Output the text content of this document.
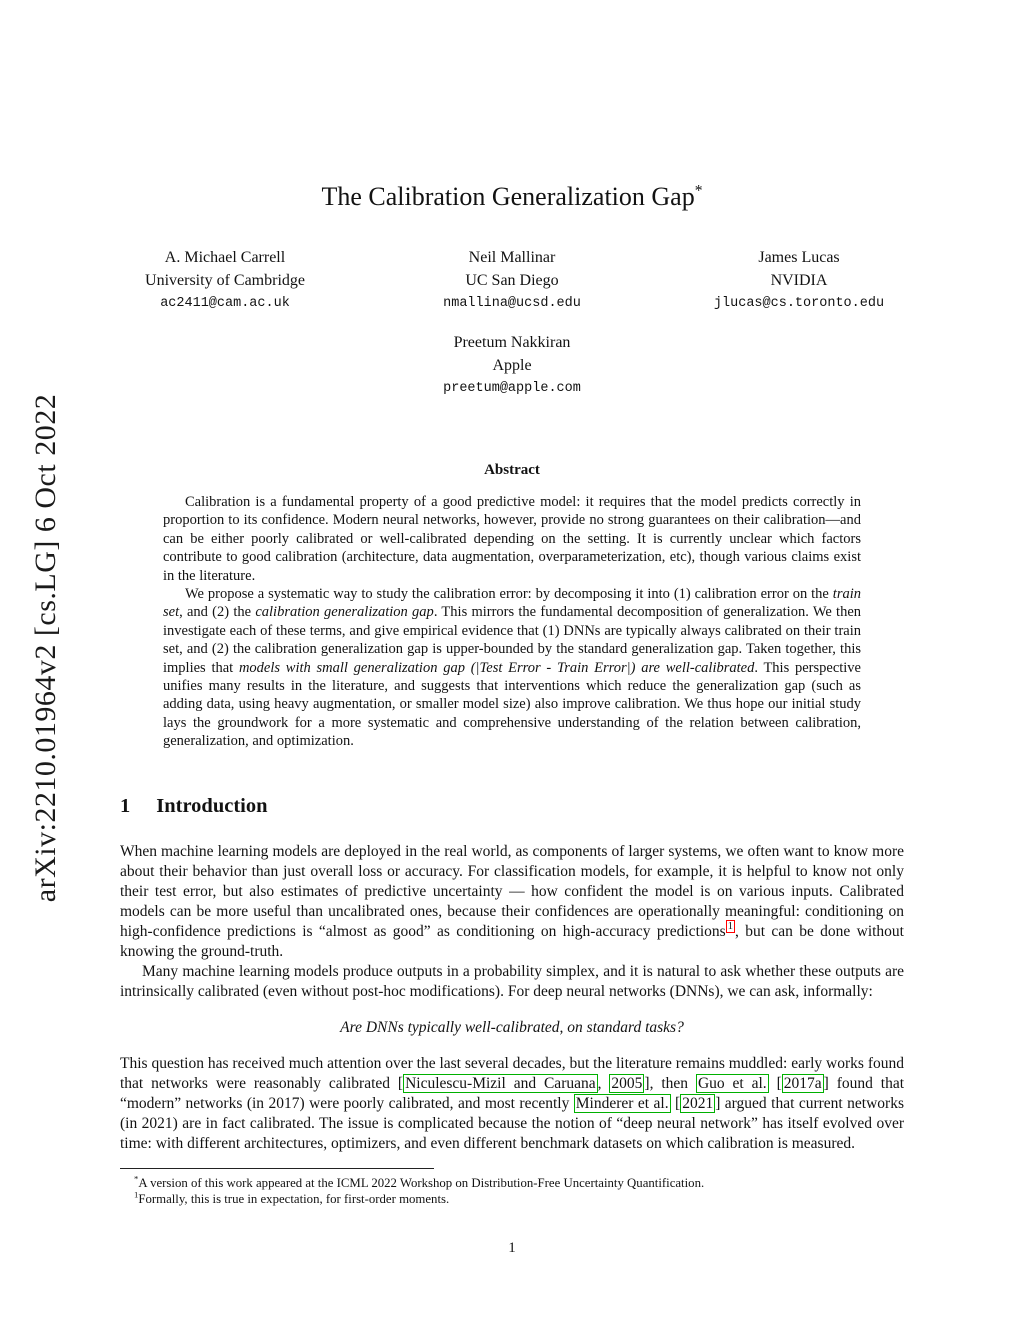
arXiv:2210.01964v2 [cs.LG] 6 Oct 2022
The Calibration Generalization Gap*
A. Michael Carrell
University of Cambridge
ac2411@cam.ac.uk
Neil Mallinar
UC San Diego
nmallina@ucsd.edu
James Lucas
NVIDIA
jlucas@cs.toronto.edu
Preetum Nakkiran
Apple
preetum@apple.com
Abstract

Calibration is a fundamental property of a good predictive model: it requires that the model predicts correctly in proportion to its confidence. Modern neural networks, however, provide no strong guarantees on their calibration—and can be either poorly calibrated or well-calibrated depending on the setting. It is currently unclear which factors contribute to good calibration (architecture, data augmentation, overparameterization, etc), though various claims exist in the literature.

We propose a systematic way to study the calibration error: by decomposing it into (1) calibration error on the train set, and (2) the calibration generalization gap. This mirrors the fundamental decomposition of generalization. We then investigate each of these terms, and give empirical evidence that (1) DNNs are typically always calibrated on their train set, and (2) the calibration generalization gap is upper-bounded by the standard generalization gap. Taken together, this implies that models with small generalization gap (|Test Error - Train Error|) are well-calibrated. This perspective unifies many results in the literature, and suggests that interventions which reduce the generalization gap (such as adding data, using heavy augmentation, or smaller model size) also improve calibration. We thus hope our initial study lays the groundwork for a more systematic and comprehensive understanding of the relation between calibration, generalization, and optimization.

1 Introduction

When machine learning models are deployed in the real world, as components of larger systems, we often want to know more about their behavior than just overall loss or accuracy. For classification models, for example, it is helpful to know not only their test error, but also estimates of predictive uncertainty — how confident the model is on various inputs. Calibrated models can be more useful than uncalibrated ones, because their confidences are operationally meaningful: conditioning on high-confidence predictions is “almost as good” as conditioning on high-accuracy predictions $^1$ , but can be done without knowing the ground-truth.

Many machine learning models produce outputs in a probability simplex, and it is natural to ask whether these outputs are intrinsically calibrated (even without post-hoc modifications). For deep neural networks (DNNs), we can ask, informally:

Are DNNs typically well-calibrated, on standard tasks?

This question has received much attention over the last several decades, but the literature remains muddled: early works found that networks were reasonably calibrated [ Niculescu-Mizil and Caruana , 2005 ], then Guo et al. [ 2017a ] found that “modern” networks (in 2017) were poorly calibrated, and most recently Minderer et al. [ 2021 ] argued that current networks (in 2021) are in fact calibrated. The issue is complicated because the notion of “deep neural network” has itself evolved over time: with different architectures, optimizers, and even different benchmark datasets on which calibration is measured.

*A version of this work appeared at the ICML 2022 Workshop on Distribution-Free Uncertainty Quantification.

$^1$Formally, this is true in expectation, for first-order moments.

1
